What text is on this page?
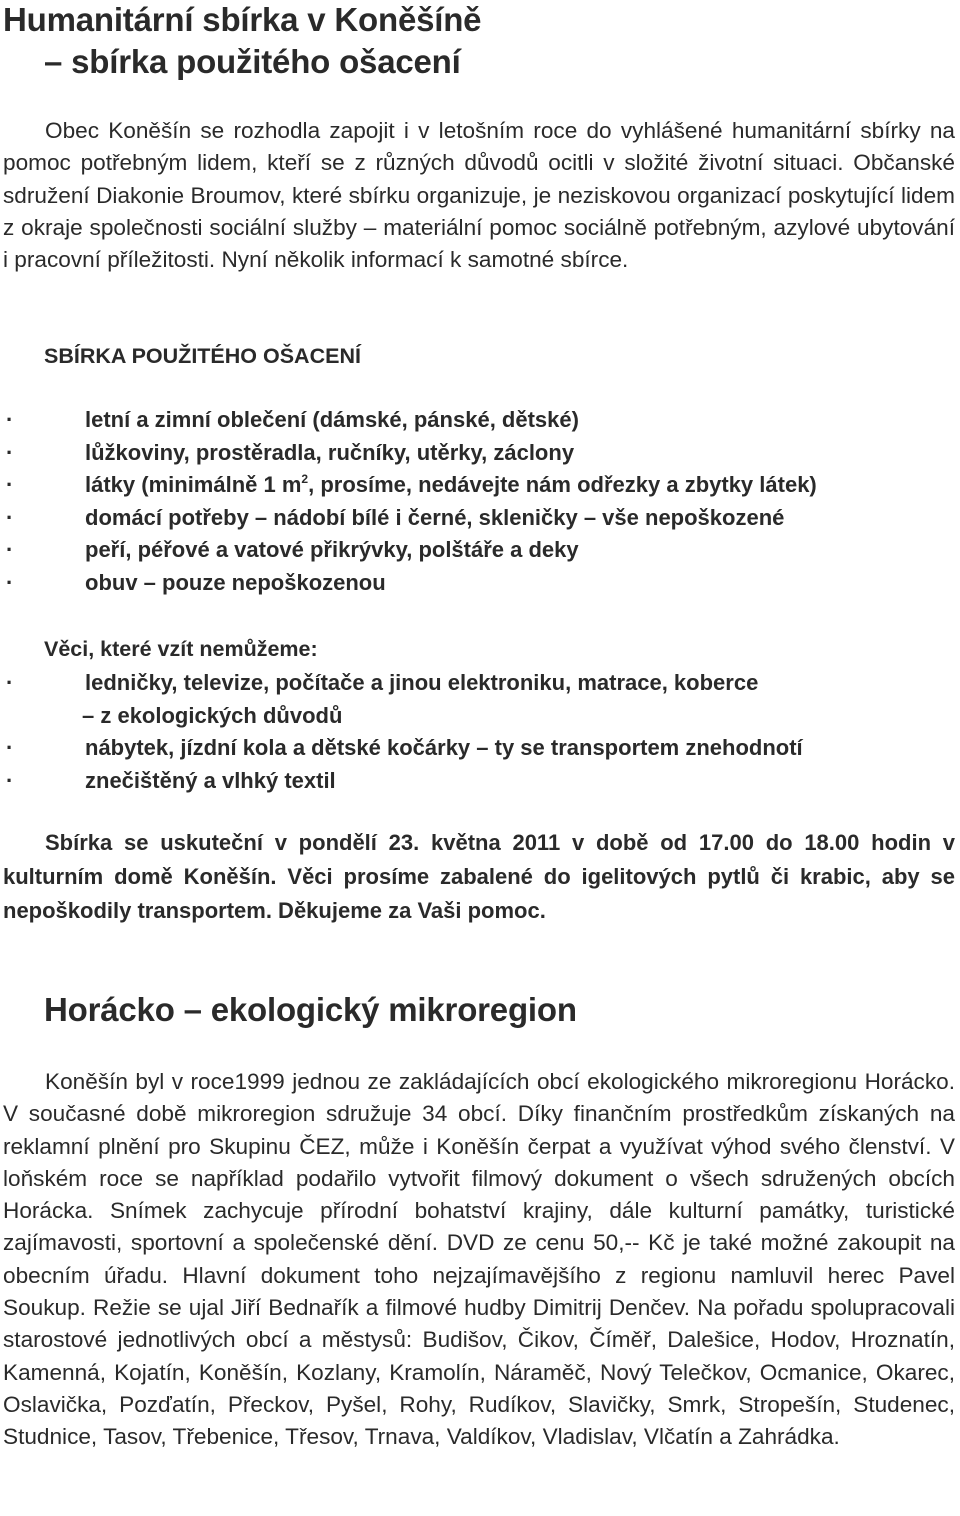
Humanitární sbírka v Koněšíně
– sbírka použitého ošacení

Obec Koněšín se rozhodla zapojit i v letošním roce do vyhlášené humanitární sbírky na pomoc potřebným lidem, kteří se z různých důvodů ocitli v složité životní situaci. Občanské sdružení Diakonie Broumov, které sbírku organizuje, je neziskovou organizací poskytující lidem z okraje společnosti sociální služby – materiální pomoc sociálně potřebným, azylové ubytování i pracovní příležitosti. Nyní několik informací k samotné sbírce.

SBÍRKA POUŽITÉHO OŠACENÍ
·	letní a zimní oblečení (dámské, pánské, dětské)
·	lůžkoviny, prostěradla, ručníky, utěrky, záclony
·	látky (minimálně 1 $m^2$, prosíme, nedávejte nám odřezky a zbytky látek)
·	domácí potřeby – nádobí bílé i černé, skleničky – vše nepoškozené
·	peří, péřové a vatové přikrývky, polštáře a deky
·	obuv – pouze nepoškozenou
Věci, které vzít nemůžeme:
·	ledničky, televize, počítače a jinou elektroniku, matrace, koberce
– z ekologických důvodů
·	nábytek, jízdní kola a dětské kočárky – ty se transportem znehodnotí
·	znečištěný a vlhký textil

Sbírka se uskuteční v pondělí 23. května 2011 v době od 17.00 do 18.00 hodin v kulturním domě Koněšín. Věci prosíme zabalené do igelitových pytlů či krabic, aby se nepoškodily transportem. Děkujeme za Vaši pomoc.

Horácko – ekologický mikroregion

Koněšín byl v roce1999 jednou ze zakládajících obcí ekologického mikroregionu Horácko. V současné době mikroregion sdružuje 34 obcí. Díky finančním prostředkům získaných na reklamní plnění pro Skupinu ČEZ, může i Koněšín čerpat a využívat výhod svého členství. V loňském roce se například podařilo vytvořit filmový dokument o všech sdružených obcích Horácka. Snímek zachycuje přírodní bohatství krajiny, dále kulturní památky, turistické zajímavosti, sportovní a společenské dění. DVD ze cenu 50,-- Kč je také možné zakoupit na obecním úřadu. Hlavní dokument toho nejzajímavějšího z regionu namluvil herec Pavel Soukup. Režie se ujal Jiří Bednařík a filmové hudby Dimitrij Denčev. Na pořadu spolupracovali starostové jednotlivých obcí a městysů: Budišov, Čikov, Číměř, Dalešice, Hodov, Hroznatín, Kamenná, Kojatín, Koněšín, Kozlany, Kramolín, Náraměč, Nový Telečkov, Ocmanice, Okarec, Oslavička, Pozďatín, Přeckov, Pyšel, Rohy, Rudíkov, Slavičky, Smrk, Stropešín, Studenec, Studnice, Tasov, Třebenice, Třesov, Trnava, Valdíkov, Vladislav, Vlčatín a Zahrádka.
